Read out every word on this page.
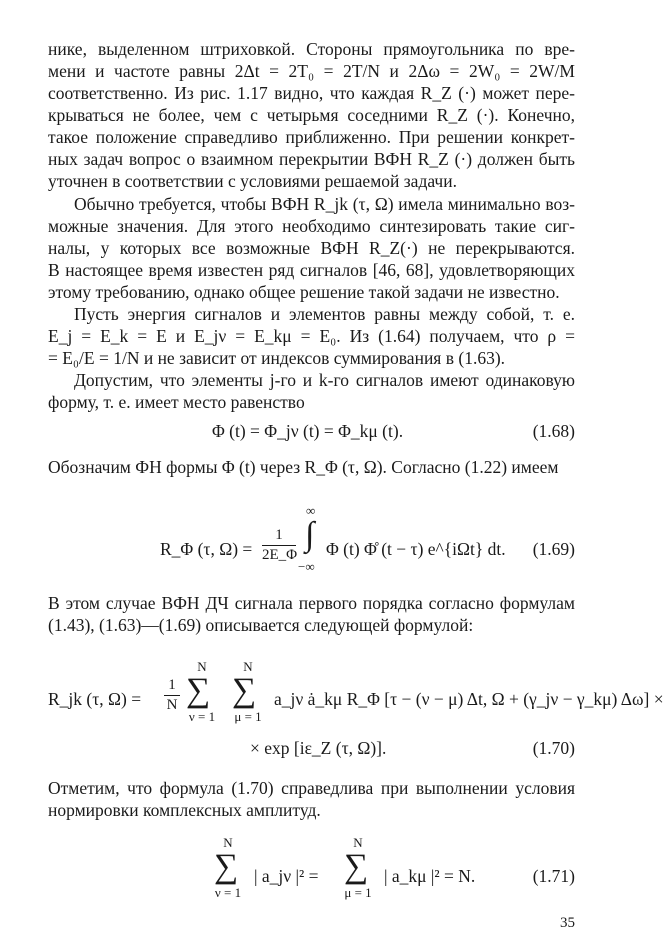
нике, выделенном штриховкой. Стороны прямоугольника по вре-
мени и частоте равны 2Δt = 2T₀ = 2T/N и 2Δω = 2W₀ = 2W/M
соответственно. Из рис. 1.17 видно, что каждая R_Z (·) может пере-
крываться не более, чем с четырьмя соседними R_Z (·). Конечно,
такое положение справедливо приближенно. При решении конкрет-
ных задач вопрос о взаимном перекрытии ВФН R_Z (·) должен быть
уточнен в соответствии с условиями решаемой задачи.
Обычно требуется, чтобы ВФН R_jk (τ, Ω) имела минимально воз-
можные значения. Для этого необходимо синтезировать такие сиг-
налы, у которых все возможные ВФН R_Z(·) не перекрываются.
В настоящее время известен ряд сигналов [46, 68], удовлетворяющих
этому требованию, однако общее решение такой задачи не известно.
Пусть энергия сигналов и элементов равны между собой, т. е.
E_j = E_k = E и E_jν = E_kμ = E₀. Из (1.64) получаем, что ρ =
= E₀/E = 1/N и не зависит от индексов суммирования в (1.63).
Допустим, что элементы j-го и k-го сигналов имеют одинаковую
форму, т. е. имеет место равенство
Φ (t) = Φ_jν (t) = Φ_kμ (t).	(1.68)
Обозначим ФН формы Φ (t) через R_Φ (τ, Ω). Согласно (1.22) имеем
R_Φ (τ, Ω) =
1
2E_Φ
∞
∫
−∞
Φ (t) Φ̊ (t − τ) e^{iΩt} dt. (1.69)
В этом случае ВФН ДЧ сигнала первого порядка согласно формулам
(1.43), (1.63)—(1.69) описывается следующей формулой:
R_jk (τ, Ω) =
1
N
N
∑
ν = 1
N
∑
μ = 1
a_jν ȧ_kμ R_Φ [τ − (ν − μ) Δt, Ω + (γ_jν − γ_kμ) Δω] ×
× exp [iε_Z (τ, Ω)].	(1.70)
Отметим, что формула (1.70) справедлива при выполнении условия
нормировки комплексных амплитуд.
N
∑
ν = 1
| a_jν |² =
N
∑
μ = 1
| a_kμ |² = N.	(1.71)
35
